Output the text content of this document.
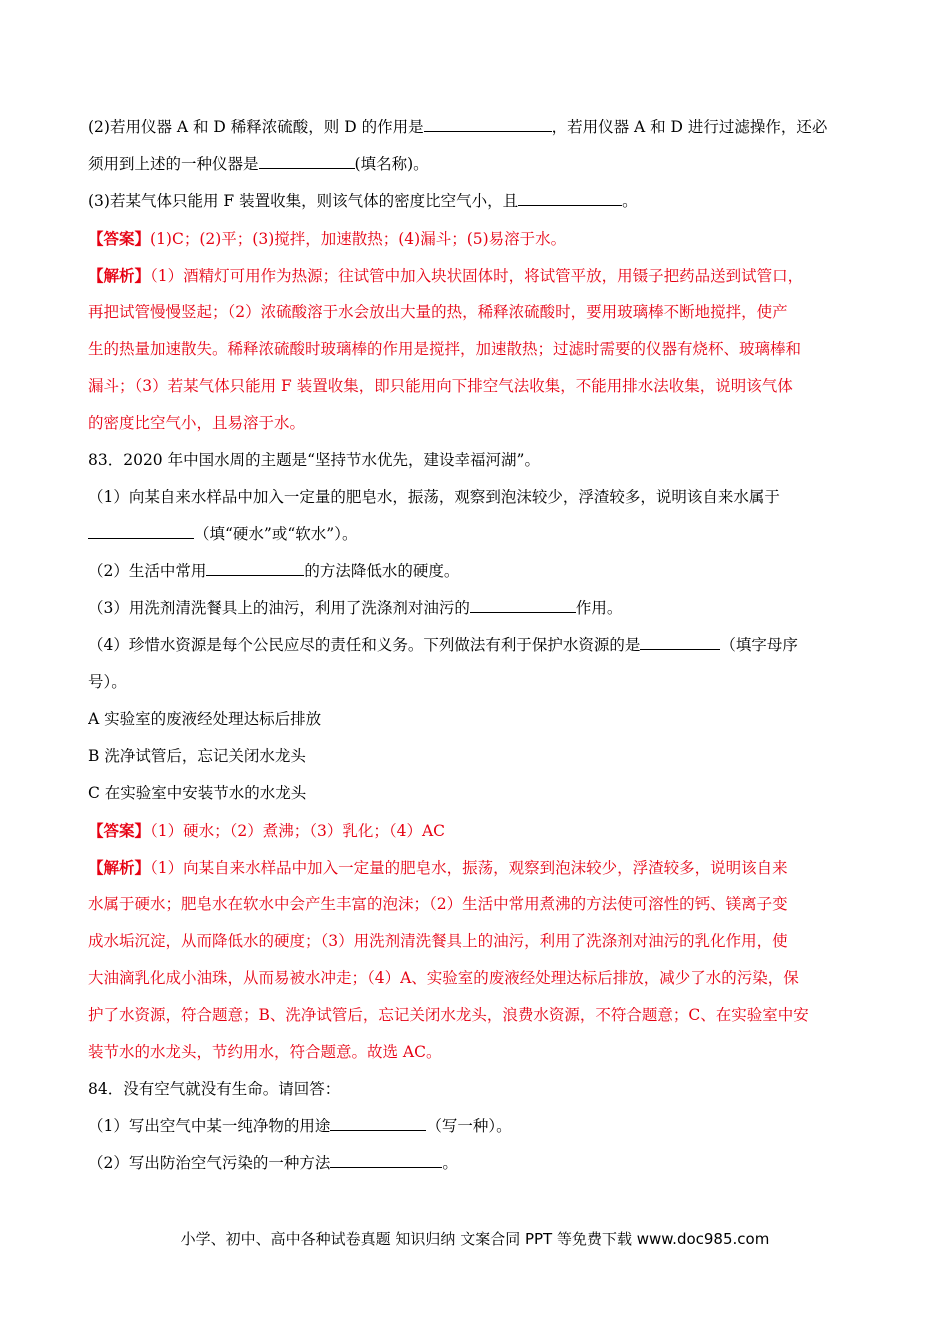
(2)若用仪器 A 和 D 稀释浓硫酸，则 D 的作用是	，若用仪器 A 和 D 进行过滤操作，还必
须用到上述的一种仪器是	(填名称)。
(3)若某气体只能用 F 装置收集，则该气体的密度比空气小，且	。
【答案】(1)C；(2)平；(3)搅拌，加速散热；(4)漏斗；(5)易溶于水。
【解析】（1）酒精灯可用作为热源；往试管中加入块状固体时，将试管平放，用镊子把药品送到试管口，
再把试管慢慢竖起；（2）浓硫酸溶于水会放出大量的热，稀释浓硫酸时，要用玻璃棒不断地搅拌，使产
生的热量加速散失。稀释浓硫酸时玻璃棒的作用是搅拌，加速散热；过滤时需要的仪器有烧杯、玻璃棒和
漏斗；（3）若某气体只能用 F 装置收集，即只能用向下排空气法收集，不能用排水法收集，说明该气体
的密度比空气小，且易溶于水。
83．2020 年中国水周的主题是“坚持节水优先，建设幸福河湖”。
（1）向某自来水样品中加入一定量的肥皂水，振荡，观察到泡沫较少，浮渣较多，说明该自来水属于
（填“硬水”或“软水”）。
（2）生活中常用	的方法降低水的硬度。
（3）用洗剂清洗餐具上的油污，利用了洗涤剂对油污的	作用。
（4）珍惜水资源是每个公民应尽的责任和义务。下列做法有利于保护水资源的是	（填字母序
号）。
A 实验室的废液经处理达标后排放
B 洗净试管后，忘记关闭水龙头
C 在实验室中安装节水的水龙头
【答案】（1）硬水；（2）煮沸；（3）乳化；（4）AC
【解析】（1）向某自来水样品中加入一定量的肥皂水，振荡，观察到泡沫较少，浮渣较多，说明该自来
水属于硬水；肥皂水在软水中会产生丰富的泡沫；（2）生活中常用煮沸的方法使可溶性的钙、镁离子变
成水垢沉淀，从而降低水的硬度；（3）用洗剂清洗餐具上的油污，利用了洗涤剂对油污的乳化作用，使
大油滴乳化成小油珠，从而易被水冲走；（4）A、实验室的废液经处理达标后排放，减少了水的污染，保
护了水资源，符合题意；B、洗净试管后，忘记关闭水龙头，浪费水资源，不符合题意；C、在实验室中安
装节水的水龙头，节约用水，符合题意。故选 AC。
84．没有空气就没有生命。请回答：
（1）写出空气中某一纯净物的用途	（写一种）。
（2）写出防治空气污染的一种方法	。
小学、初中、高中各种试卷真题 知识归纳 文案合同 PPT 等免费下载 www.doc985.com
